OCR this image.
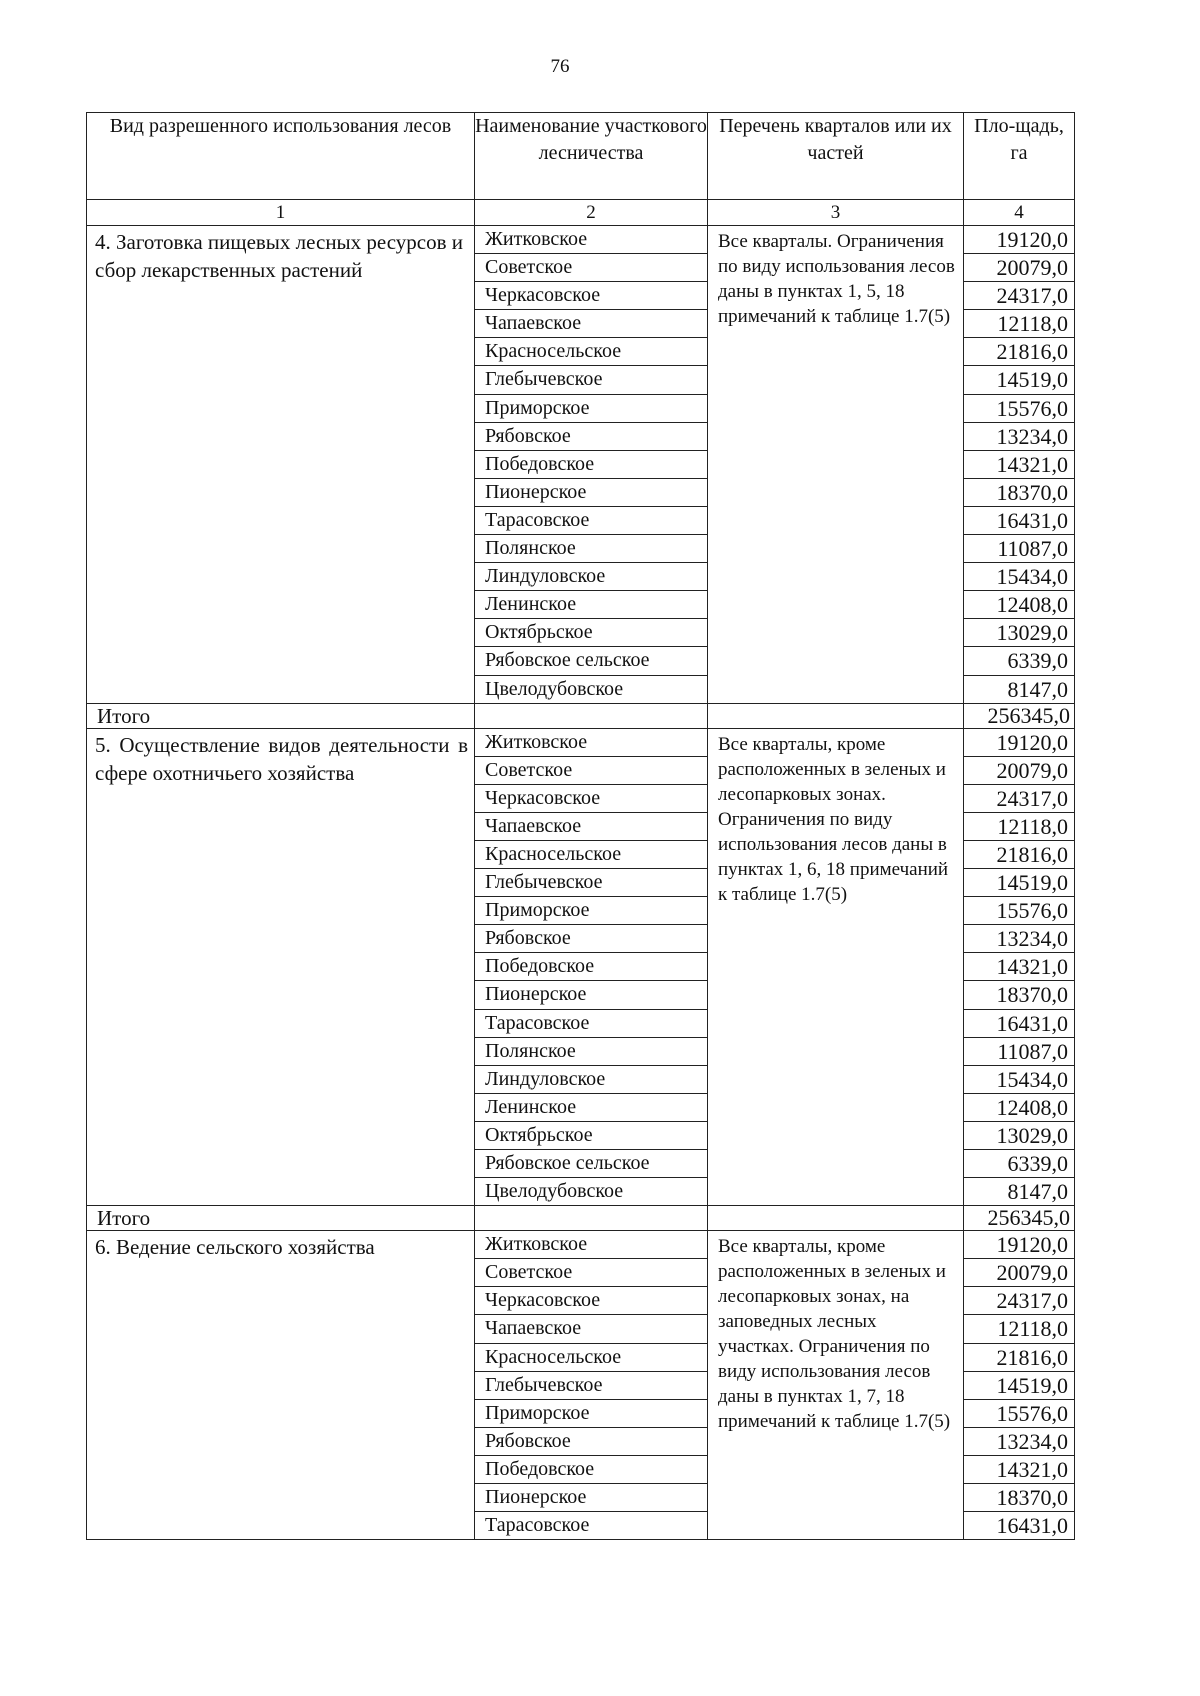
76
Вид разрешенного использования лесов	Наименование участкового лесничества	Перечень кварталов или их частей	Пло-щадь, га
1	2	3	4
4. Заготовка пищевых лесных ресурсов и сбор лекарственных растений	Житковское	Все кварталы. Ограничения по виду использования лесов даны в пунктах 1, 5, 18 примечаний к таблице 1.7(5)	19120,0
	Советское		20079,0
	Черкасовское		24317,0
	Чапаевское		12118,0
	Красносельское		21816,0
	Глебычевское		14519,0
	Приморское		15576,0
	Рябовское		13234,0
	Победовское		14321,0
	Пионерское		18370,0
	Тарасовское		16431,0
	Полянское		11087,0
	Линдуловское		15434,0
	Ленинское		12408,0
	Октябрьское		13029,0
	Рябовское сельское		6339,0
	Цвелодубовское		8147,0
Итого			256345,0
5. Осуществление видов деятельности в сфере охотничьего хозяйства	Житковское	Все кварталы, кроме расположенных в зеленых и лесопарковых зонах. Ограничения по виду использования лесов даны в пунктах 1, 6, 18 примечаний к таблице 1.7(5)	19120,0
	Советское		20079,0
	Черкасовское		24317,0
	Чапаевское		12118,0
	Красносельское		21816,0
	Глебычевское		14519,0
	Приморское		15576,0
	Рябовское		13234,0
	Победовское		14321,0
	Пионерское		18370,0
	Тарасовское		16431,0
	Полянское		11087,0
	Линдуловское		15434,0
	Ленинское		12408,0
	Октябрьское		13029,0
	Рябовское сельское		6339,0
	Цвелодубовское		8147,0
Итого			256345,0
6. Ведение сельского хозяйства	Житковское	Все кварталы, кроме расположенных в зеленых и лесопарковых зонах, на заповедных лесных участках. Ограничения по виду использования лесов даны в пунктах 1, 7, 18 примечаний к таблице 1.7(5)	19120,0
	Советское		20079,0
	Черкасовское		24317,0
	Чапаевское		12118,0
	Красносельское		21816,0
	Глебычевское		14519,0
	Приморское		15576,0
	Рябовское		13234,0
	Победовское		14321,0
	Пионерское		18370,0
	Тарасовское		16431,0
